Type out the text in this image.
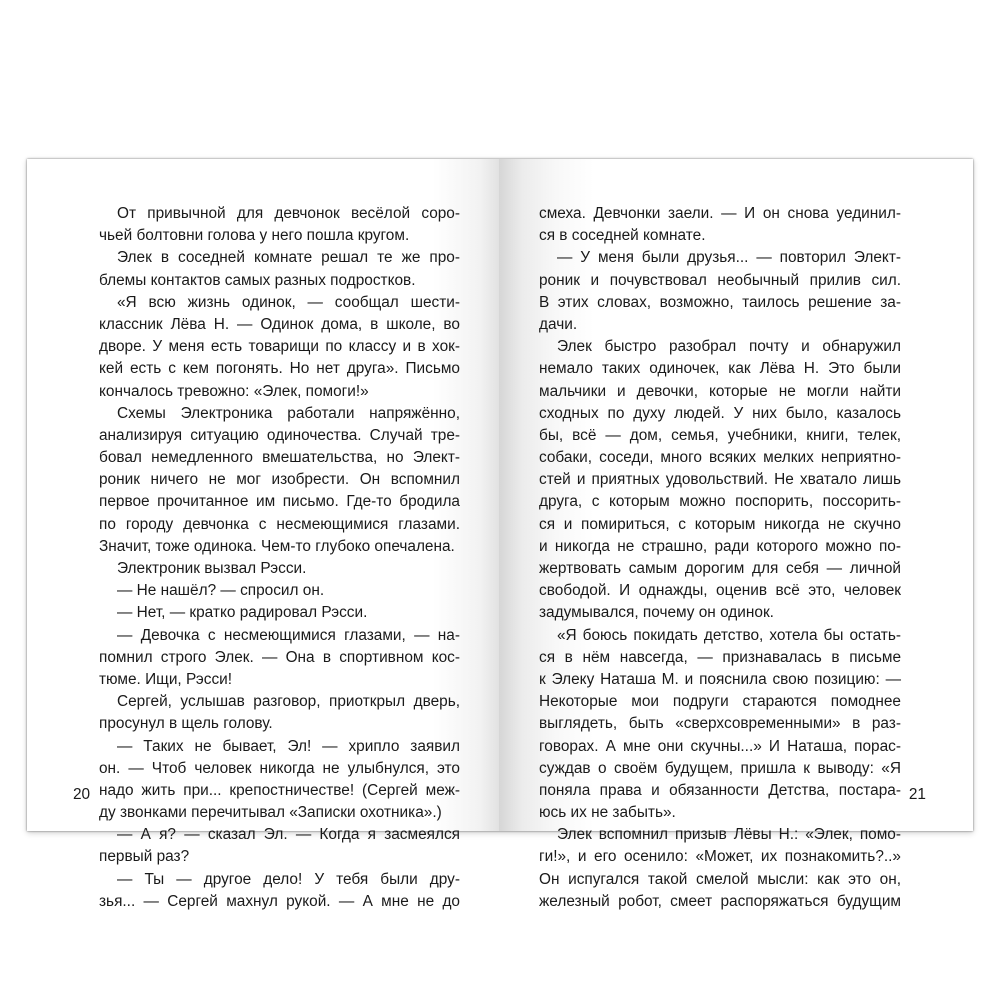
От привычной для девчонок весёлой сорo-
чьей болтовни голова у него пошла кругом.
Элек в соседней комнате решал те же про-
блемы контактов самых разных подростков.
«Я всю жизнь одинок, — сообщал шести-
классник Лёва Н. — Одинок дома, в школе, во
дворе. У меня есть товарищи по классу и в хок-
кей есть с кем погонять. Но нет друга». Письмо
кончалось тревожно: «Элек, помоги!»
Схемы Электроника работали напряжённо,
анализируя ситуацию одиночества. Случай тре-
бовал немедленного вмешательства, но Элект-
роник ничего не мог изобрести. Он вспомнил
первое прочитанное им письмо. Где-то бродила
по городу девчонка с несмеющимися глазами.
Значит, тоже одинока. Чем-то глубоко опечалена.
Электроник вызвал Рэсси.
— Не нашёл? — спросил он.
— Нет, — кратко радировал Рэсси.
— Девочка с несмеющимися глазами, — на-
помнил строго Элек. — Она в спортивном кос-
тюме. Ищи, Рэсси!
Сергей, услышав разговор, приоткрыл дверь,
просунул в щель голову.
— Таких не бывает, Эл! — хрипло заявил
он. — Чтоб человек никогда не улыбнулся, это
надо жить при... крепостничестве! (Сергей меж-
ду звонками перечитывал «Записки охотника».)
— А я? — сказал Эл. — Когда я засмеялся
первый раз?
— Ты — другое дело! У тебя были дру-
зья... — Сергей махнул рукой. — А мне не до
20
смеха. Девчонки заели. — И он снова уединил-
ся в соседней комнате.
— У меня были друзья... — повторил Элект-
роник и почувствовал необычный прилив сил.
В этих словах, возможно, таилось решение за-
дачи.
Элек быстро разобрал почту и обнаружил
немало таких одиночек, как Лёва Н. Это были
мальчики и девочки, которые не могли найти
сходных по духу людей. У них было, казалось
бы, всё — дом, семья, учебники, книги, телек,
собаки, соседи, много всяких мелких неприятно-
стей и приятных удовольствий. Не хватало лишь
друга, с которым можно поспорить, поссорить-
ся и помириться, с которым никогда не скучно
и никогда не страшно, ради которого можно по-
жертвовать самым дорогим для себя — личной
свободой. И однажды, оценив всё это, человек
задумывался, почему он одинок.
«Я боюсь покидать детство, хотела бы остать-
ся в нём навсегда, — признавалась в письме
к Элеку Наташа М. и пояснила свою позицию: —
Некоторые мои подруги стараются помоднее
выглядеть, быть «сверхсовременными» в раз-
говорах. А мне они скучны...» И Наташа, порас-
суждав о своём будущем, пришла к выводу: «Я
поняла права и обязанности Детства, постара-
юсь их не забыть».
Элек вспомнил призыв Лёвы Н.: «Элек, помо-
ги!», и его осенило: «Может, их познакомить?..»
Он испугался такой смелой мысли: как это он,
железный робот, смеет распоряжаться будущим
21
